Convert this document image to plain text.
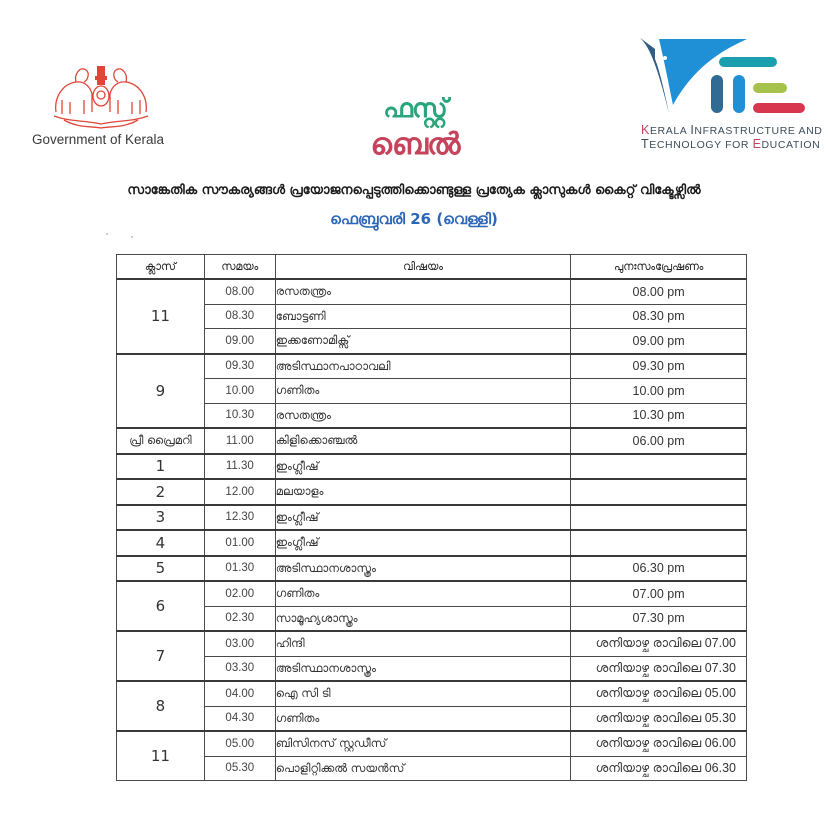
Government of Kerala
ഫസ്റ്റ്
ബെൽ	KERALA INFRASTRUCTURE AND
TECHNOLOGY FOR EDUCATION
സാങ്കേതിക സൗകര്യങ്ങൾ പ്രയോജനപ്പെടുത്തിക്കൊണ്ടുള്ള പ്രത്യേക ക്ലാസുകൾ കൈറ്റ് വിക്ടേഴ്സിൽ
ഫെബ്രുവരി 26 (വെള്ളി)
ക്ലാസ്	സമയം	വിഷയം	പുനഃസംപ്രേഷണം
11	08.00	രസതന്ത്രം	08.00 pm
	08.30	ബോട്ടണി	08.30 pm
	09.00	ഇക്കണോമിക്സ്	09.00 pm
9	09.30	അടിസ്ഥാനപാഠാവലി	09.30 pm
	10.00	ഗണിതം	10.00 pm
	10.30	രസതന്ത്രം	10.30 pm
പ്രീ പ്രൈമറി	11.00	കിളിക്കൊഞ്ചൽ	06.00 pm
1	11.30	ഇംഗ്ലീഷ്	
2	12.00	മലയാളം	
3	12.30	ഇംഗ്ലീഷ്	
4	01.00	ഇംഗ്ലീഷ്	
5	01.30	അടിസ്ഥാനശാസ്ത്രം	06.30 pm
6	02.00	ഗണിതം	07.00 pm
	02.30	സാമൂഹ്യശാസ്ത്രം	07.30 pm
7	03.00	ഹിന്ദി	ശനിയാഴ്ച രാവിലെ 07.00
	03.30	അടിസ്ഥാനശാസ്ത്രം	ശനിയാഴ്ച രാവിലെ 07.30
8	04.00	ഐ സി ടി	ശനിയാഴ്ച രാവിലെ 05.00
	04.30	ഗണിതം	ശനിയാഴ്ച രാവിലെ 05.30
11	05.00	ബിസിനസ് സ്റ്റഡീസ്	ശനിയാഴ്ച രാവിലെ 06.00
	05.30	പൊളിറ്റിക്കൽ സയൻസ്	ശനിയാഴ്ച രാവിലെ 06.30
